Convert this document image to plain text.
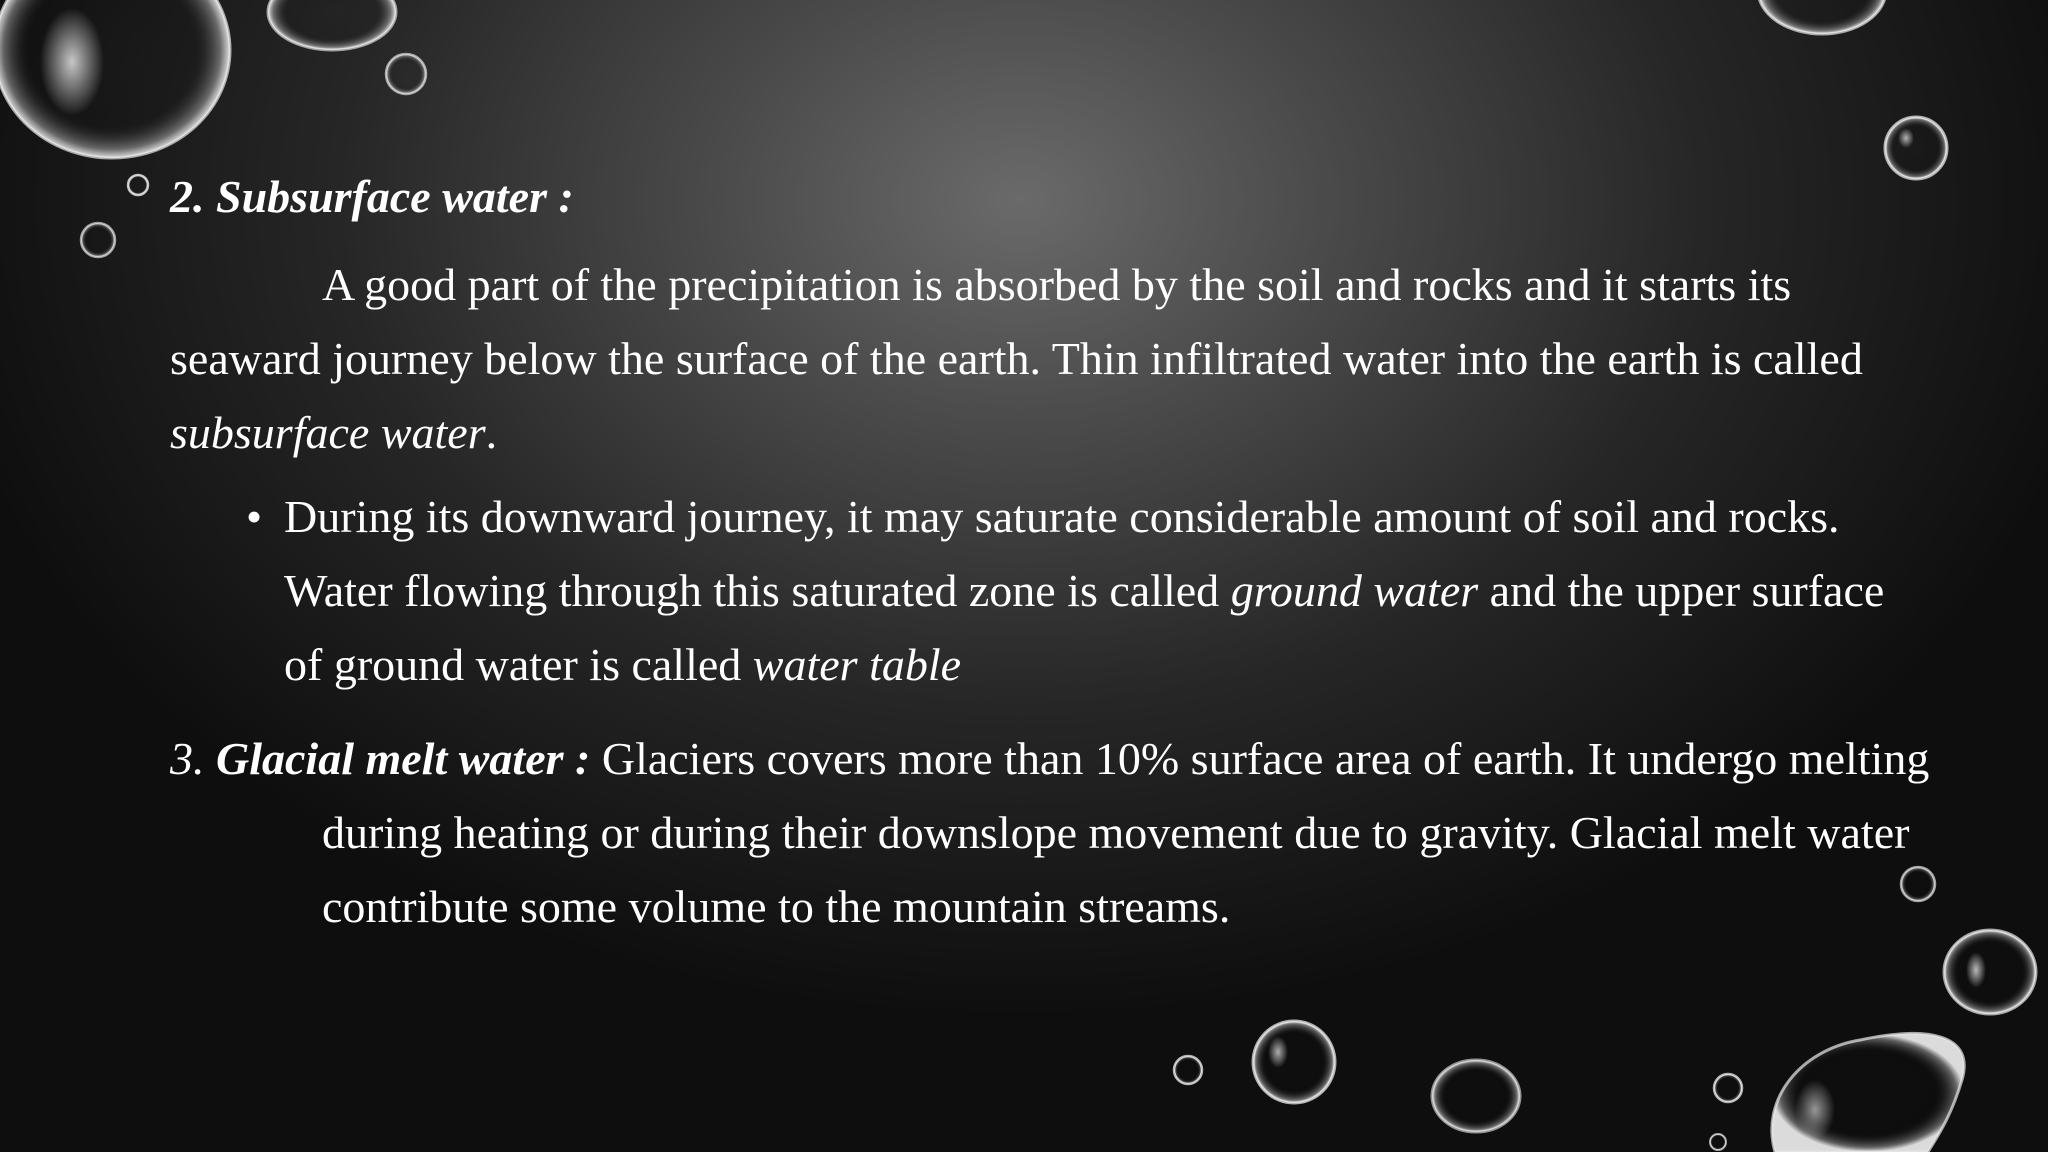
2. Subsurface water :

A good part of the precipitation is absorbed by the soil and rocks and it starts its seaward journey below the surface of the earth. Thin infiltrated water into the earth is called subsurface water.

• During its downward journey, it may saturate considerable amount of soil and rocks. Water flowing through this saturated zone is called ground water and the upper surface of ground water is called water table

3. Glacial melt water : Glaciers covers more than 10% surface area of earth. It undergo melting during heating or during their downslope movement due to gravity. Glacial melt water contribute some volume to the mountain streams.
